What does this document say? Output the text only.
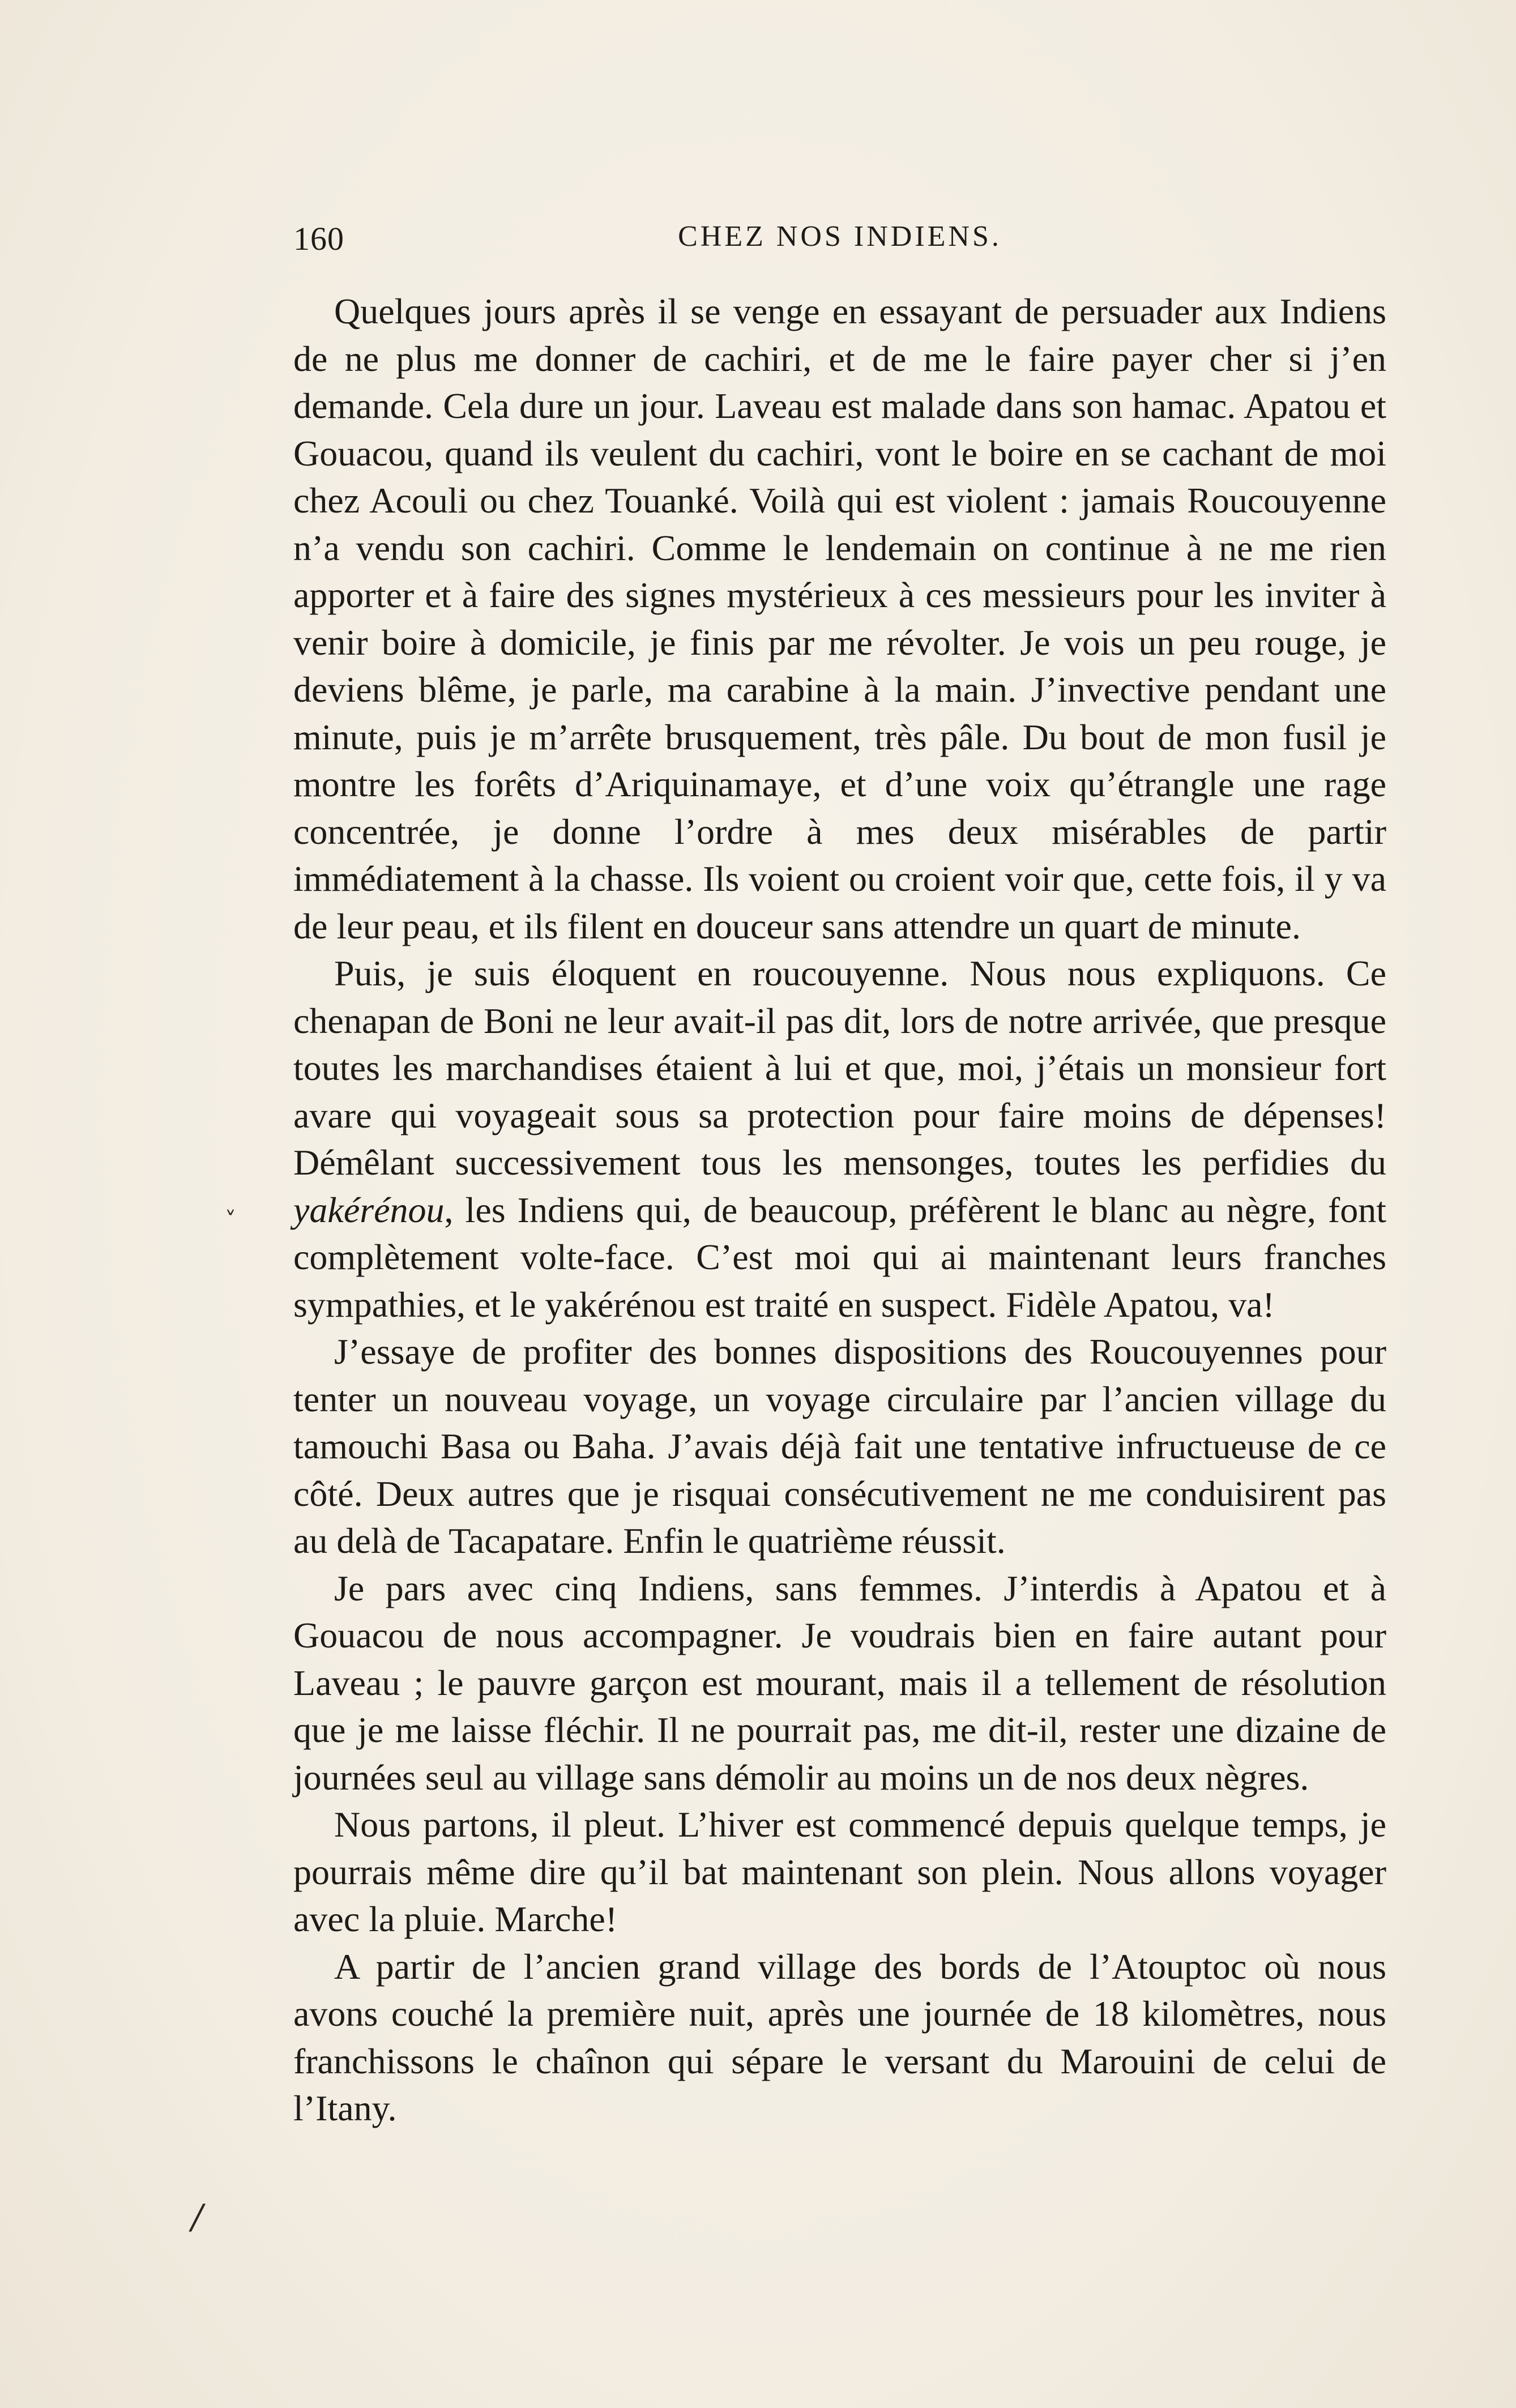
160	CHEZ NOS INDIENS.

Quelques jours après il se venge en essayant de persuader aux Indiens de ne plus me donner de cachiri, et de me le faire payer cher si j’en demande. Cela dure un jour. Laveau est malade dans son hamac. Apatou et Gouacou, quand ils veulent du cachiri, vont le boire en se cachant de moi chez Acouli ou chez Touanké. Voilà qui est violent : jamais Roucouyenne n’a vendu son cachiri. Comme le lendemain on continue à ne me rien apporter et à faire des signes mystérieux à ces messieurs pour les inviter à venir boire à domicile, je finis par me révolter. Je vois un peu rouge, je deviens blême, je parle, ma carabine à la main. J’invective pendant une minute, puis je m’arrête brusquement, très pâle. Du bout de mon fusil je montre les forêts d’Ariquinamaye, et d’une voix qu’étrangle une rage concentrée, je donne l’ordre à mes deux misérables de partir immédiatement à la chasse. Ils voient ou croient voir que, cette fois, il y va de leur peau, et ils filent en douceur sans attendre un quart de minute.

Puis, je suis éloquent en roucouyenne. Nous nous expliquons. Ce chenapan de Boni ne leur avait-il pas dit, lors de notre arrivée, que presque toutes les marchandises étaient à lui et que, moi, j’étais un monsieur fort avare qui voyageait sous sa protection pour faire moins de dépenses! Démêlant successivement tous les mensonges, toutes les perfidies du yakérénou, les Indiens qui, de beaucoup, préfèrent le blanc au nègre, font complètement volte-face. C’est moi qui ai maintenant leurs franches sympathies, et le yakérénou est traité en suspect. Fidèle Apatou, va!

J’essaye de profiter des bonnes dispositions des Roucouyennes pour tenter un nouveau voyage, un voyage circulaire par l’ancien village du tamouchi Basa ou Baha. J’avais déjà fait une tentative infructueuse de ce côté. Deux autres que je risquai consécutivement ne me conduisirent pas au delà de Tacapatare. Enfin le quatrième réussit.

Je pars avec cinq Indiens, sans femmes. J’interdis à Apatou et à Gouacou de nous accompagner. Je voudrais bien en faire autant pour Laveau ; le pauvre garçon est mourant, mais il a tellement de résolution que je me laisse fléchir. Il ne pourrait pas, me dit-il, rester une dizaine de journées seul au village sans démolir au moins un de nos deux nègres.

Nous partons, il pleut. L’hiver est commencé depuis quelque temps, je pourrais même dire qu’il bat maintenant son plein. Nous allons voyager avec la pluie. Marche!

A partir de l’ancien grand village des bords de l’Atouptoc où nous avons couché la première nuit, après une journée de 18 kilomètres, nous franchissons le chaînon qui sépare le versant du Marouini de celui de l’Itany.

ˬ
/
